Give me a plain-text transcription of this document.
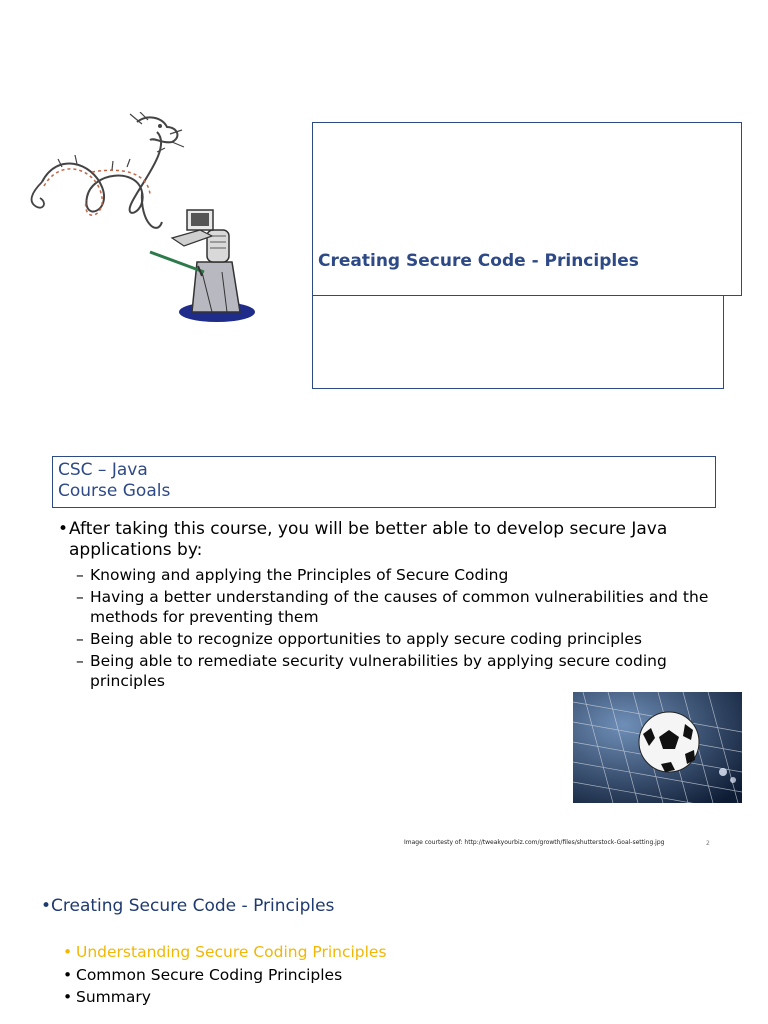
Creating Secure Code - Principles
CSC – Java
Course Goals
• After taking this course, you will be better able to develop secure Java applications by:
– Knowing and applying the Principles of Secure Coding
– Having a better understanding of the causes of common vulnerabilities and the methods for preventing them
– Being able to recognize opportunities to apply secure coding principles
– Being able to remediate security vulnerabilities by applying secure coding principles
Image courtesty of: http://tweakyourbiz.com/growth/files/shutterstock-Goal-setting.jpg	2
•Creating Secure Code - Principles
• Understanding Secure Coding Principles
• Common Secure Coding Principles
• Summary
